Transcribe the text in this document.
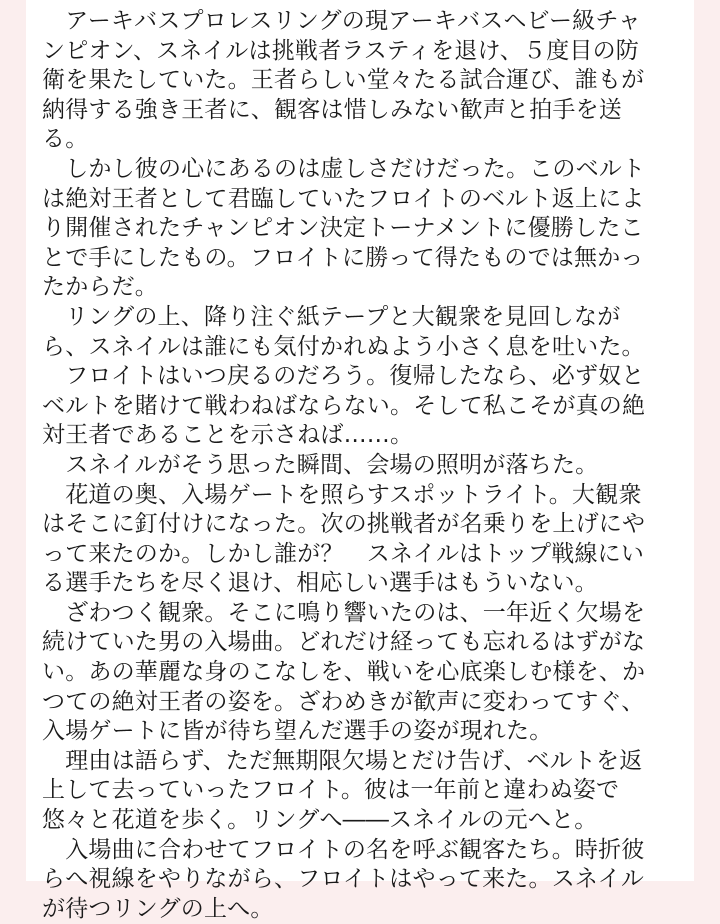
　アーキバスプロレスリングの現アーキバスヘビー級チャ
ンピオン、スネイルは挑戦者ラスティを退け、５度目の防
衛を果たしていた。王者らしい堂々たる試合運び、誰もが
納得する強き王者に、観客は惜しみない歓声と拍手を送
る。
　しかし彼の心にあるのは虚しさだけだった。このベルト
は絶対王者として君臨していたフロイトのベルト返上によ
り開催されたチャンピオン決定トーナメントに優勝したこ
とで手にしたもの。フロイトに勝って得たものでは無かっ
たからだ。
　リングの上、降り注ぐ紙テープと大観衆を見回しなが
ら、スネイルは誰にも気付かれぬよう小さく息を吐いた。
　フロイトはいつ戻るのだろう。復帰したなら、必ず奴と
ベルトを賭けて戦わねばならない。そして私こそが真の絶
対王者であることを示さねば……。
　スネイルがそう思った瞬間、会場の照明が落ちた。
　花道の奥、入場ゲートを照らすスポットライト。大観衆
はそこに釘付けになった。次の挑戦者が名乗りを上げにや
って来たのか。しかし誰が？　スネイルはトップ戦線にい
る選手たちを尽く退け、相応しい選手はもういない。
　ざわつく観衆。そこに鳴り響いたのは、一年近く欠場を
続けていた男の入場曲。どれだけ経っても忘れるはずがな
い。あの華麗な身のこなしを、戦いを心底楽しむ様を、か
つての絶対王者の姿を。ざわめきが歓声に変わってすぐ、
入場ゲートに皆が待ち望んだ選手の姿が現れた。
　理由は語らず、ただ無期限欠場とだけ告げ、ベルトを返
上して去っていったフロイト。彼は一年前と違わぬ姿で
悠々と花道を歩く。リングへ――スネイルの元へと。
　入場曲に合わせてフロイトの名を呼ぶ観客たち。時折彼
らへ視線をやりながら、フロイトはやって来た。スネイル
が待つリングの上へ。
